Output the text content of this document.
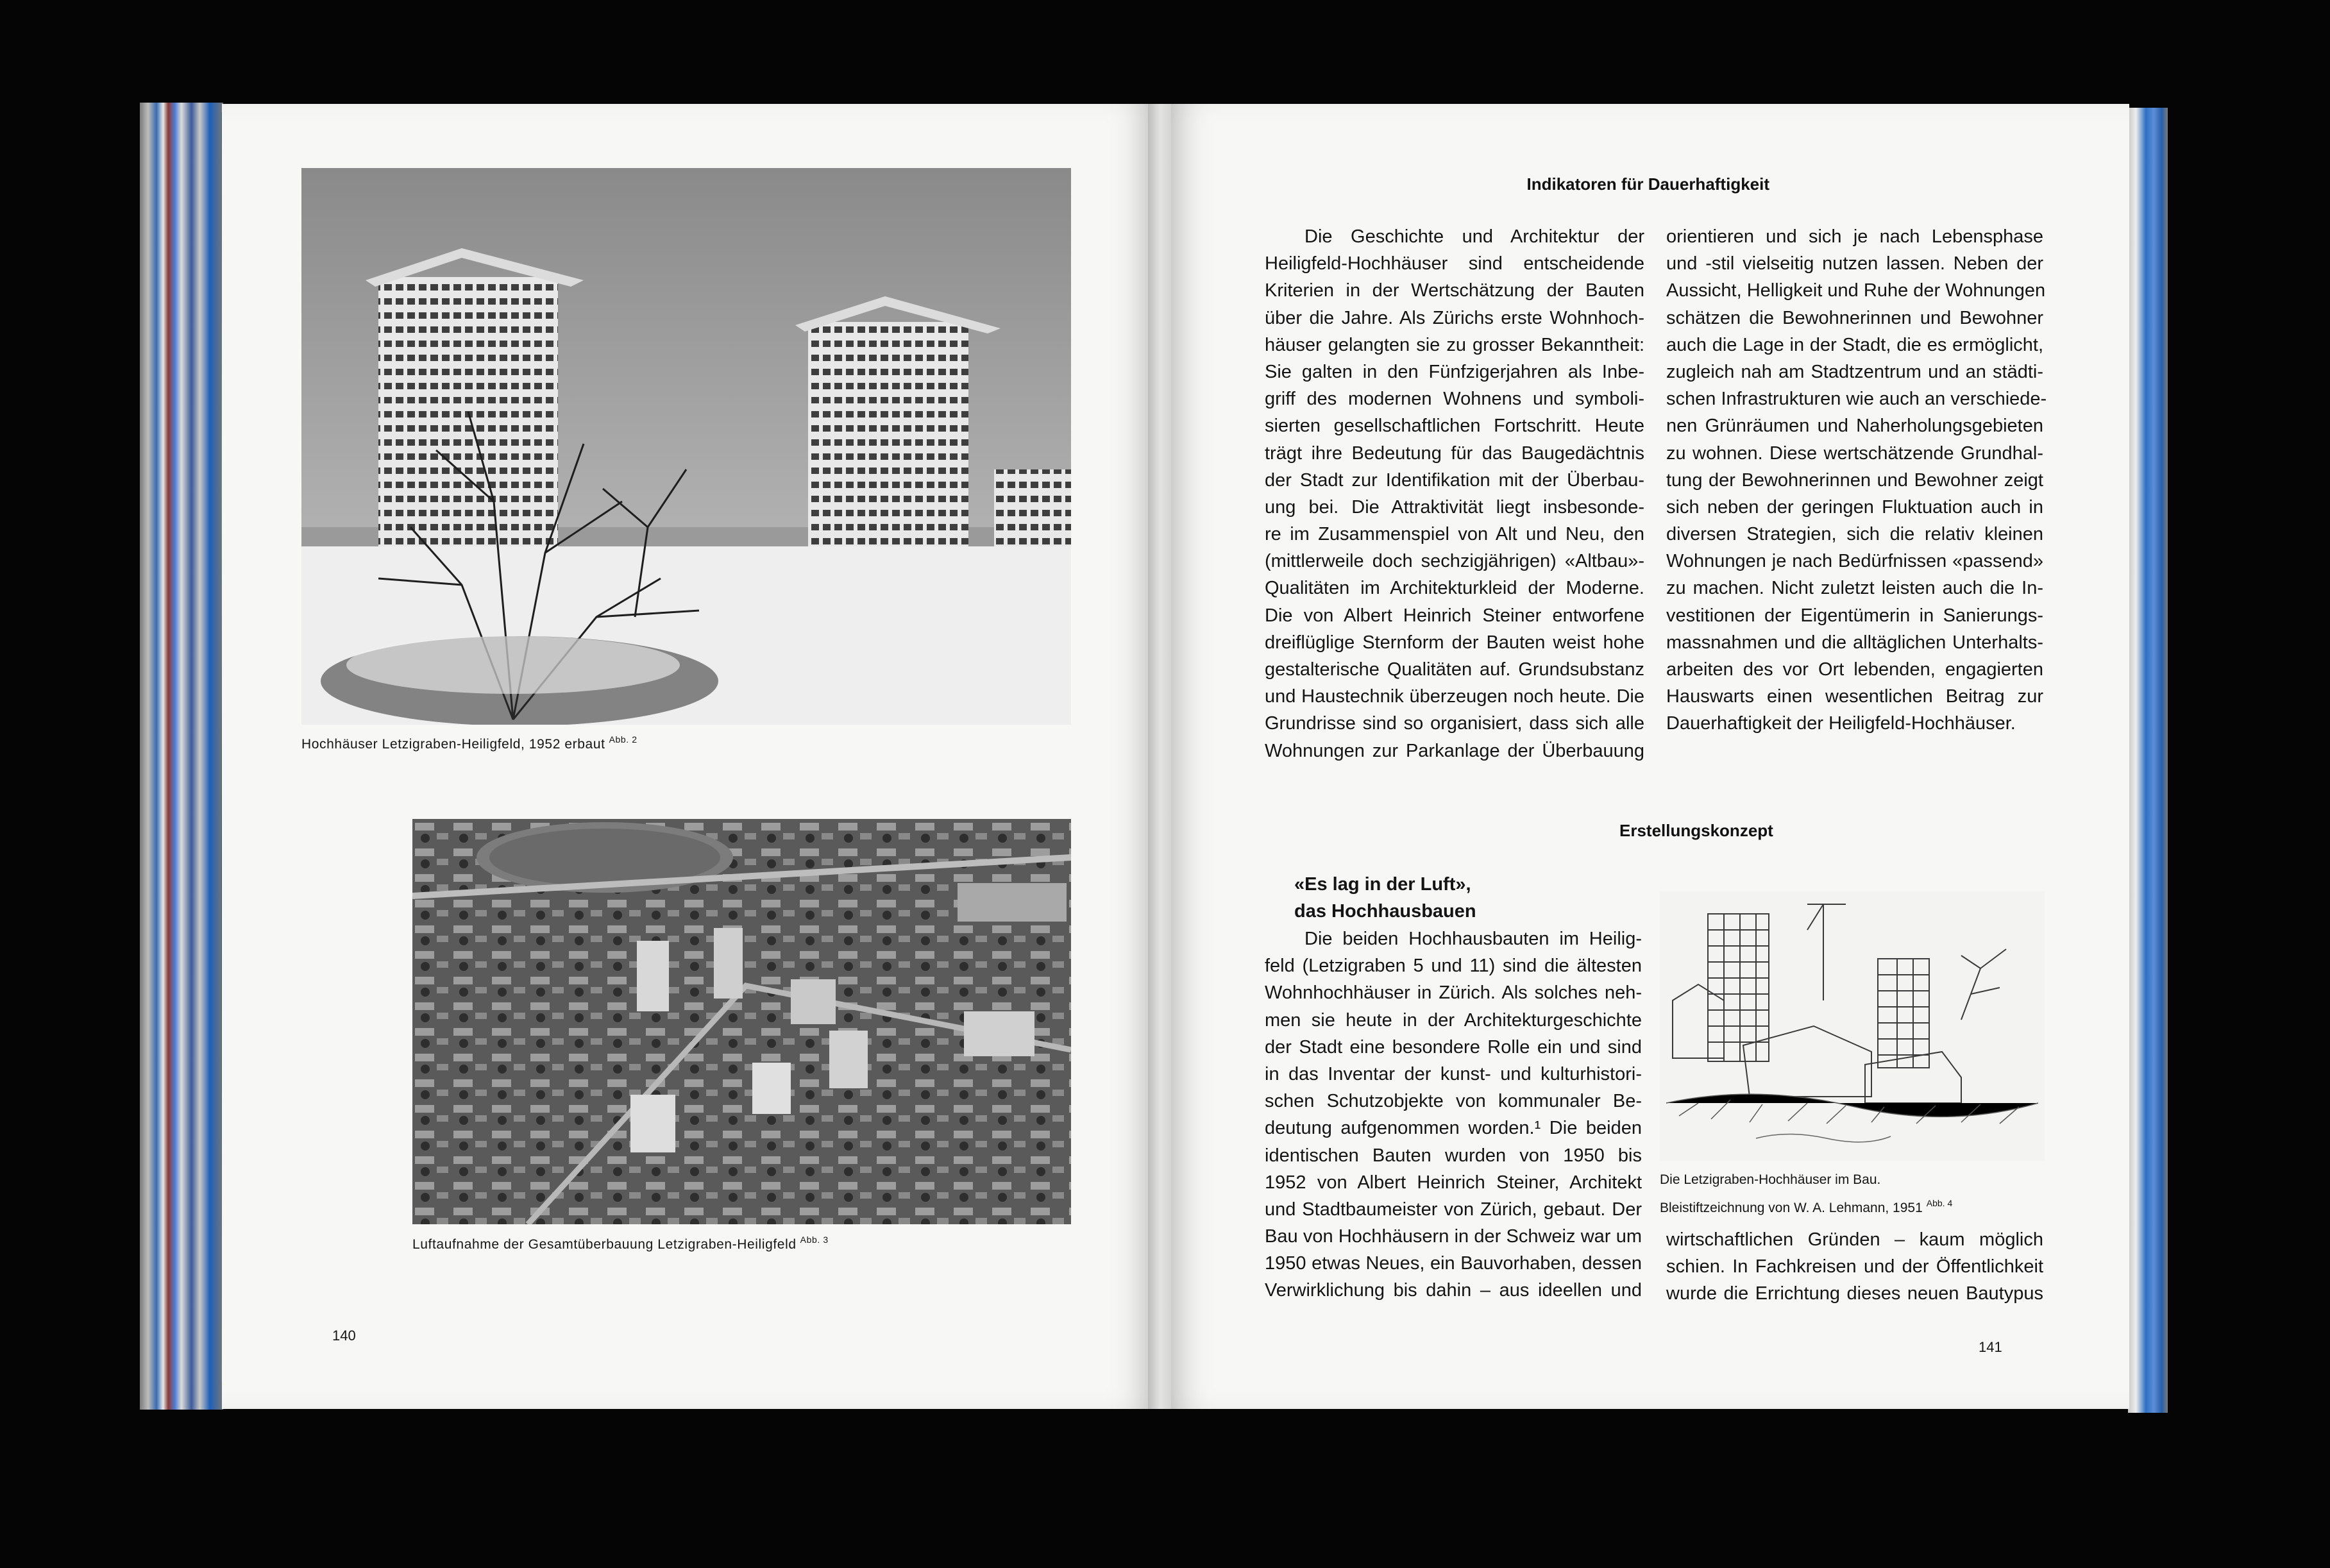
Hochhäuser Letzigraben-Heiligfeld, 1952 erbaut $^{Abb. 2}$
Luftaufnahme der Gesamtüberbauung Letzigraben-Heiligfeld $^{Abb. 3}$
140
Indikatoren für Dauerhaftigkeit
Die Geschichte und Architektur der
Heiligfeld-Hochhäuser sind entscheidende
Kriterien in der Wertschätzung der Bauten
über die Jahre. Als Zürichs erste Wohnhoch-
häuser gelangten sie zu grosser Bekanntheit:
Sie galten in den Fünfzigerjahren als Inbe-
griff des modernen Wohnens und symboli-
sierten gesellschaftlichen Fortschritt. Heute
trägt ihre Bedeutung für das Baugedächtnis
der Stadt zur Identifikation mit der Überbau-
ung bei. Die Attraktivität liegt insbesonde-
re im Zusammenspiel von Alt und Neu, den
(mittlerweile doch sechzigjährigen) «Altbau»-
Qualitäten im Architekturkleid der Moderne.
Die von Albert Heinrich Steiner entworfene
dreiflüglige Sternform der Bauten weist hohe
gestalterische Qualitäten auf. Grundsubstanz
und Haustechnik überzeugen noch heute. Die
Grundrisse sind so organisiert, dass sich alle
Wohnungen zur Parkanlage der Überbauung
orientieren und sich je nach Lebensphase
und -stil vielseitig nutzen lassen. Neben der
Aussicht, Helligkeit und Ruhe der Wohnungen
schätzen die Bewohnerinnen und Bewohner
auch die Lage in der Stadt, die es ermöglicht,
zugleich nah am Stadtzentrum und an städti-
schen Infrastrukturen wie auch an verschiede-
nen Grünräumen und Naherholungsgebieten
zu wohnen. Diese wertschätzende Grundhal-
tung der Bewohnerinnen und Bewohner zeigt
sich neben der geringen Fluktuation auch in
diversen Strategien, sich die relativ kleinen
Wohnungen je nach Bedürfnissen «passend»
zu machen. Nicht zuletzt leisten auch die In-
vestitionen der Eigentümerin in Sanierungs-
massnahmen und die alltäglichen Unterhalts-
arbeiten des vor Ort lebenden, engagierten
Hauswarts einen wesentlichen Beitrag zur
Dauerhaftigkeit der Heiligfeld-Hochhäuser.
Erstellungskonzept
«Es lag in der Luft»,
das Hochhausbauen
Die beiden Hochhausbauten im Heilig-
feld (Letzigraben 5 und 11) sind die ältesten
Wohnhochhäuser in Zürich. Als solches neh-
men sie heute in der Architekturgeschichte
der Stadt eine besondere Rolle ein und sind
in das Inventar der kunst- und kulturhistori-
schen Schutzobjekte von kommunaler Be-
deutung aufgenommen worden.¹ Die beiden
identischen Bauten wurden von 1950 bis
1952 von Albert Heinrich Steiner, Architekt
und Stadtbaumeister von Zürich, gebaut. Der
Bau von Hochhäusern in der Schweiz war um
1950 etwas Neues, ein Bauvorhaben, dessen
Verwirklichung bis dahin – aus ideellen und
Die Letzigraben-Hochhäuser im Bau.
Bleistiftzeichnung von W. A. Lehmann, 1951 $^{Abb. 4}$
wirtschaftlichen Gründen – kaum möglich
schien. In Fachkreisen und der Öffentlichkeit
wurde die Errichtung dieses neuen Bautypus
141
